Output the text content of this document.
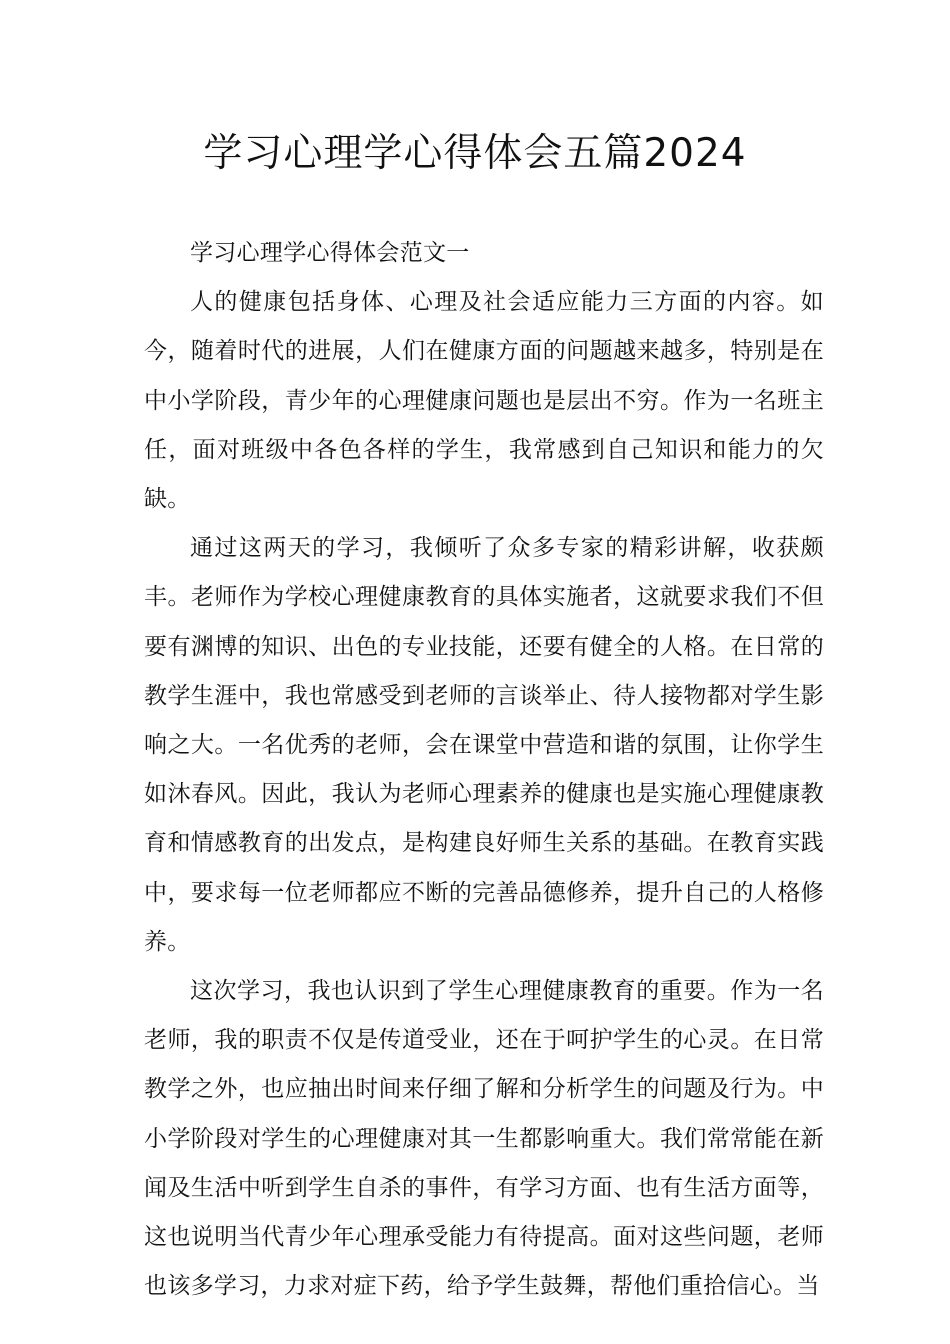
学习心理学心得体会五篇2024

学习心理学心得体会范文一

人的健康包括身体、心理及社会适应能力三方面的内容。如今，随着时代的进展，人们在健康方面的问题越来越多，特别是在中小学阶段，青少年的心理健康问题也是层出不穷。作为一名班主任，面对班级中各色各样的学生，我常感到自己知识和能力的欠缺。

通过这两天的学习，我倾听了众多专家的精彩讲解，收获颇丰。老师作为学校心理健康教育的具体实施者，这就要求我们不但要有渊博的知识、出色的专业技能，还要有健全的人格。在日常的教学生涯中，我也常感受到老师的言谈举止、待人接物都对学生影响之大。一名优秀的老师，会在课堂中营造和谐的氛围，让你学生如沐春风。因此，我认为老师心理素养的健康也是实施心理健康教育和情感教育的出发点，是构建良好师生关系的基础。在教育实践中，要求每一位老师都应不断的完善品德修养，提升自己的人格修养。

这次学习，我也认识到了学生心理健康教育的重要。作为一名老师，我的职责不仅是传道受业，还在于呵护学生的心灵。在日常教学之外，也应抽出时间来仔细了解和分析学生的问题及行为。中小学阶段对学生的心理健康对其一生都影响重大。我们常常能在新闻及生活中听到学生自杀的事件，有学习方面、也有生活方面等，这也说明当代青少年心理承受能力有待提高。面对这些问题，老师也该多学习，力求对症下药，给予学生鼓舞，帮他们重拾信心。当
